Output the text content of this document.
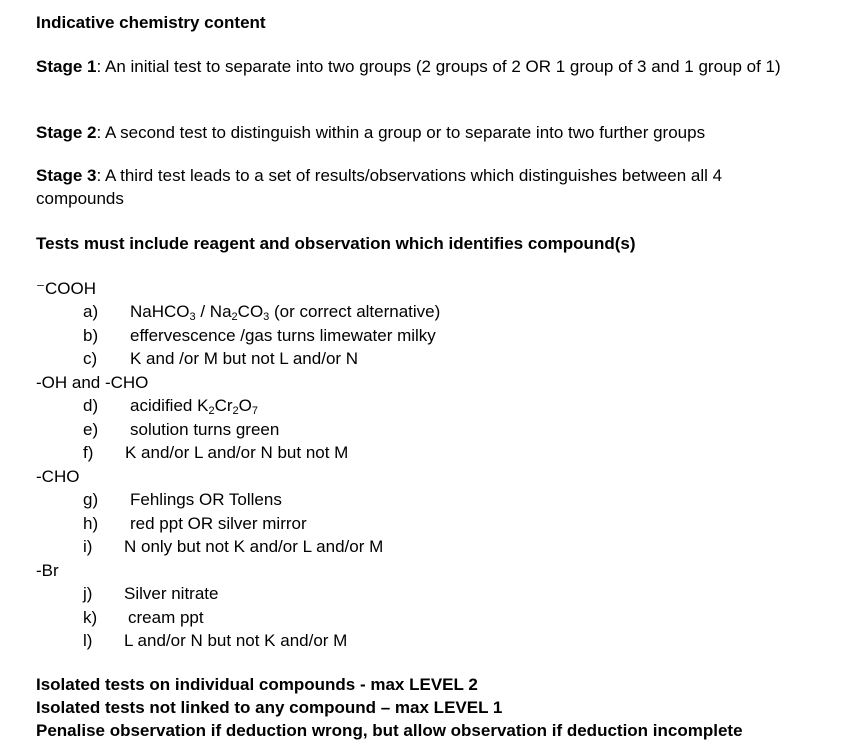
Indicative chemistry content
Stage 1: An initial test to separate into two groups (2 groups of 2 OR 1 group of 3 and 1 group of 1)
Stage 2: A second test to distinguish within a group or to separate into two further groups
Stage 3: A third test leads to a set of results/observations which distinguishes between all 4 compounds
Tests must include reagent and observation which identifies compound(s)
⁻COOH
a) NaHCO$_3$ / $Na_2CO_3$ (or correct alternative)
b) effervescence /gas turns limewater milky
c) K and /or M but not L and/or N
-OH and -CHO
d) acidified $K_2Cr_2O_7$
e) solution turns green
f) K and/or L and/or N but not M
-CHO
g) Fehlings OR Tollens
h) red ppt OR silver mirror
i) N only but not K and/or L and/or M
-Br
j) Silver nitrate
k) cream ppt
l) L and/or N but not K and/or M
Isolated tests on individual compounds - max LEVEL 2
Isolated tests not linked to any compound – max LEVEL 1
Penalise observation if deduction wrong, but allow observation if deduction incomplete
